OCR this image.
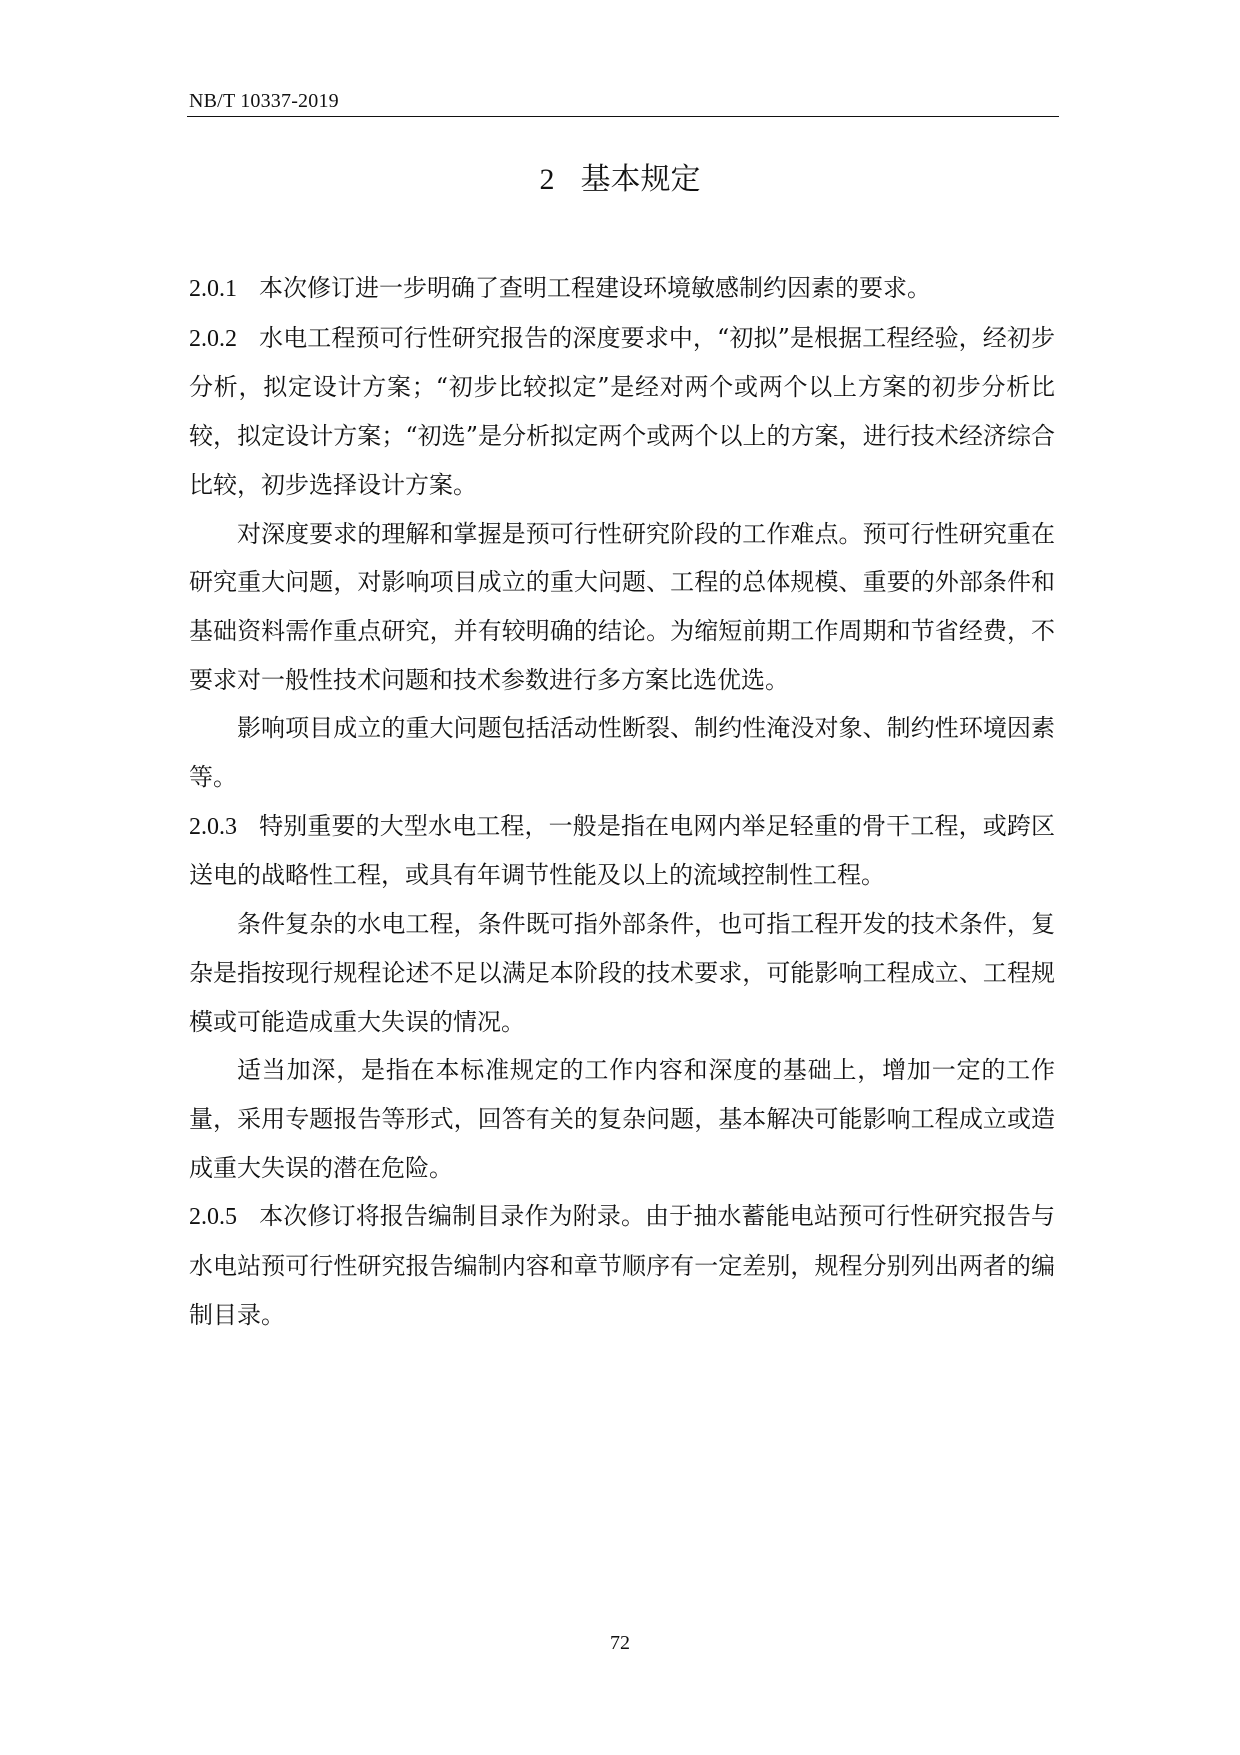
NB/T 10337-2019
2 基本规定

2.0.1 本次修订进一步明确了查明工程建设环境敏感制约因素的要求。

2.0.2 水电工程预可行性研究报告的深度要求中，“初拟”是根据工程经验，经初步分析，拟定设计方案；“初步比较拟定”是经对两个或两个以上方案的初步分析比较，拟定设计方案；“初选”是分析拟定两个或两个以上的方案，进行技术经济综合比较，初步选择设计方案。

对深度要求的理解和掌握是预可行性研究阶段的工作难点。预可行性研究重在研究重大问题，对影响项目成立的重大问题、工程的总体规模、重要的外部条件和基础资料需作重点研究，并有较明确的结论。为缩短前期工作周期和节省经费，不要求对一般性技术问题和技术参数进行多方案比选优选。

影响项目成立的重大问题包括活动性断裂、制约性淹没对象、制约性环境因素等。

2.0.3 特别重要的大型水电工程，一般是指在电网内举足轻重的骨干工程，或跨区送电的战略性工程，或具有年调节性能及以上的流域控制性工程。

条件复杂的水电工程，条件既可指外部条件，也可指工程开发的技术条件，复杂是指按现行规程论述不足以满足本阶段的技术要求，可能影响工程成立、工程规模或可能造成重大失误的情况。

适当加深，是指在本标准规定的工作内容和深度的基础上，增加一定的工作量，采用专题报告等形式，回答有关的复杂问题，基本解决可能影响工程成立或造成重大失误的潜在危险。

2.0.5 本次修订将报告编制目录作为附录。由于抽水蓄能电站预可行性研究报告与水电站预可行性研究报告编制内容和章节顺序有一定差别，规程分别列出两者的编制目录。

72
